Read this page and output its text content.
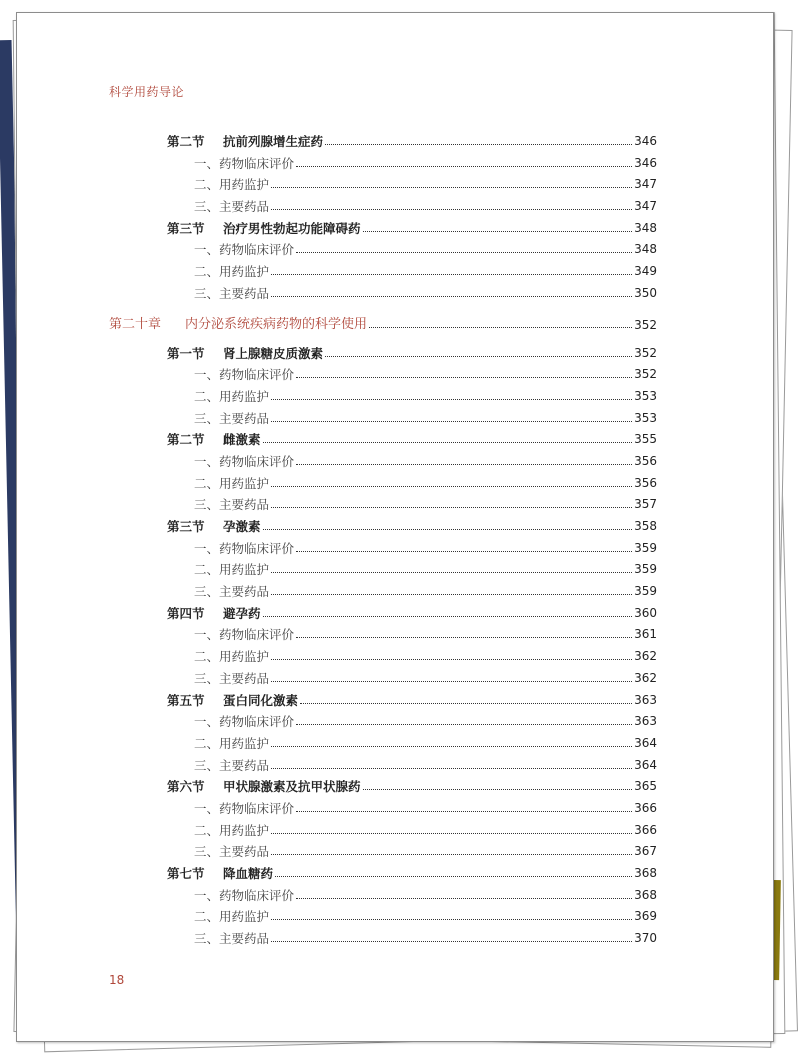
科学用药导论
第二节	抗前列腺增生症药	346
一、药物临床评价	346
二、用药监护	347
三、主要药品	347
第三节	治疗男性勃起功能障碍药	348
一、药物临床评价	348
二、用药监护	349
三、主要药品	350
第二十章	内分泌系统疾病药物的科学使用	352
第一节	肾上腺糖皮质激素	352
一、药物临床评价	352
二、用药监护	353
三、主要药品	353
第二节	雌激素	355
一、药物临床评价	356
二、用药监护	356
三、主要药品	357
第三节	孕激素	358
一、药物临床评价	359
二、用药监护	359
三、主要药品	359
第四节	避孕药	360
一、药物临床评价	361
二、用药监护	362
三、主要药品	362
第五节	蛋白同化激素	363
一、药物临床评价	363
二、用药监护	364
三、主要药品	364
第六节	甲状腺激素及抗甲状腺药	365
一、药物临床评价	366
二、用药监护	366
三、主要药品	367
第七节	降血糖药	368
一、药物临床评价	368
二、用药监护	369
三、主要药品	370
18
